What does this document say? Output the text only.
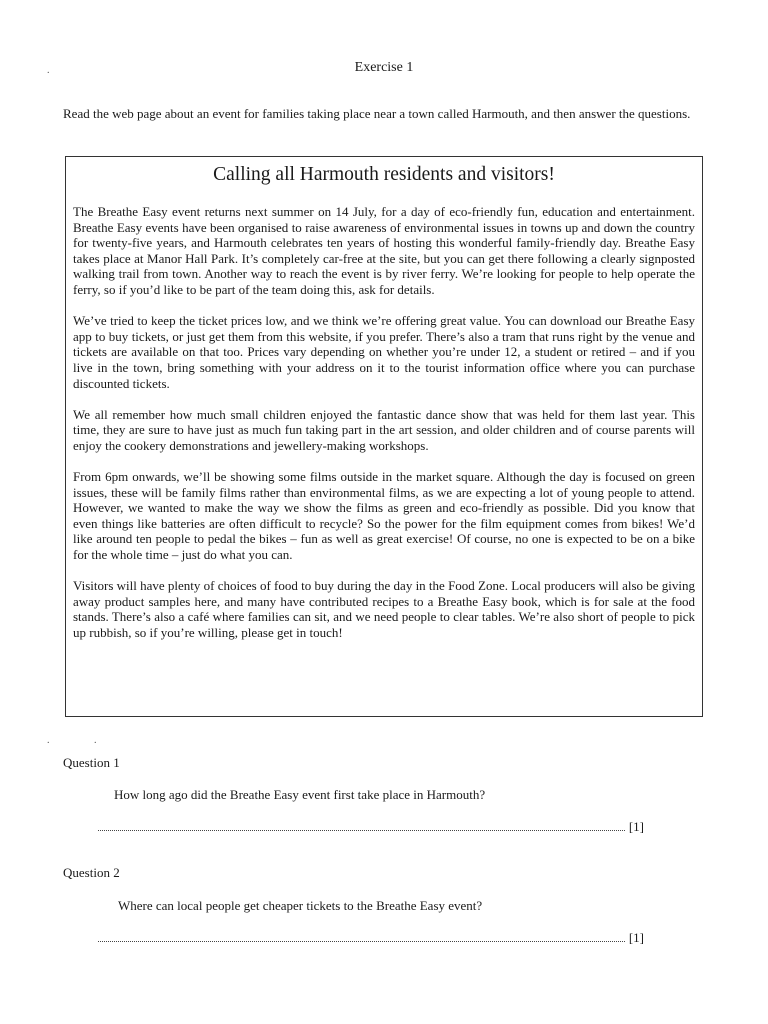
.	Exercise 1
Read the web page about an event for families taking place near a town called Harmouth, and then answer the questions.
Calling all Harmouth residents and visitors!

The Breathe Easy event returns next summer on 14 July, for a day of eco-friendly fun, education and entertainment. Breathe Easy events have been organised to raise awareness of environmental issues in towns up and down the country for twenty-five years, and Harmouth celebrates ten years of hosting this wonderful family-friendly day. Breathe Easy takes place at Manor Hall Park. It’s completely car-free at the site, but you can get there following a clearly signposted walking trail from town. Another way to reach the event is by river ferry. We’re looking for people to help operate the ferry, so if you’d like to be part of the team doing this, ask for details.

We’ve tried to keep the ticket prices low, and we think we’re offering great value. You can download our Breathe Easy app to buy tickets, or just get them from this website, if you prefer. There’s also a tram that runs right by the venue and tickets are available on that too. Prices vary depending on whether you’re under 12, a student or retired – and if you live in the town, bring something with your address on it to the tourist information office where you can purchase discounted tickets.

We all remember how much small children enjoyed the fantastic dance show that was held for them last year. This time, they are sure to have just as much fun taking part in the art session, and older children and of course parents will enjoy the cookery demonstrations and jewellery-making workshops.

From 6pm onwards, we’ll be showing some films outside in the market square. Although the day is focused on green issues, these will be family films rather than environmental films, as we are expecting a lot of young people to attend. However, we wanted to make the way we show the films as green and eco-friendly as possible. Did you know that even things like batteries are often difficult to recycle? So the power for the film equipment comes from bikes! We’d like around ten people to pedal the bikes – fun as well as great exercise! Of course, no one is expected to be on a bike for the whole time – just do what you can.

Visitors will have plenty of choices of food to buy during the day in the Food Zone. Local producers will also be giving away product samples here, and many have contributed recipes to a Breathe Easy book, which is for sale at the food stands. There’s also a café where families can sit, and we need people to clear tables. We’re also short of people to pick up rubbish, so if you’re willing, please get in touch!

.	.
Question 1
How long ago did the Breathe Easy event first take place in Harmouth?
[1]
Question 2
Where can local people get cheaper tickets to the Breathe Easy event?
[1]
